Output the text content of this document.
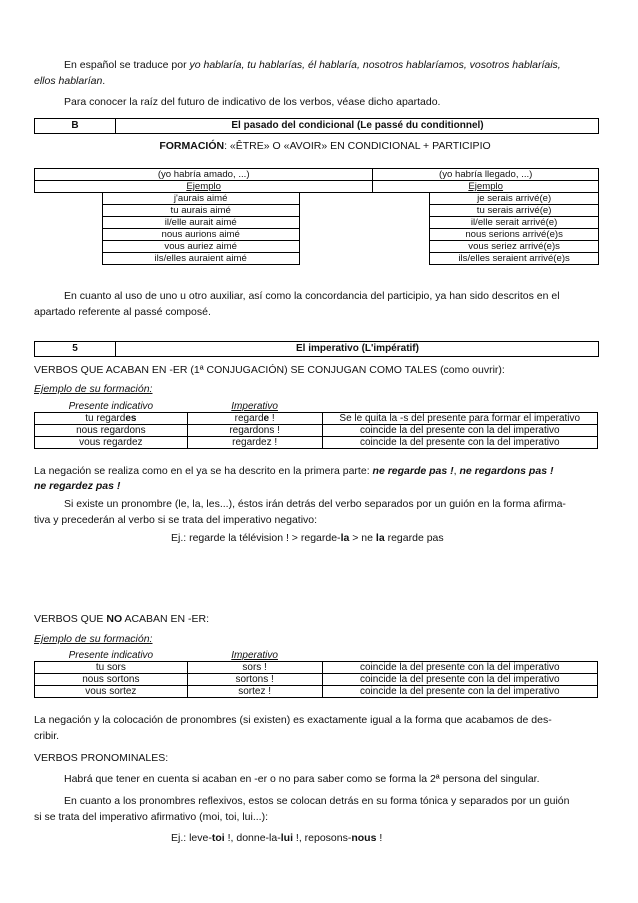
En español se traduce por yo hablaría, tu hablarías, él hablaría, nosotros hablaríamos, vosotros hablaríais,
ellos hablarían.
Para conocer la raíz del futuro de indicativo de los verbos, véase dicho apartado.
B	El pasado del condicional (Le passé du conditionnel)
FORMACIÓN: «ÊTRE» O «AVOIR» EN CONDICIONAL + PARTICIPIO
(yo habría amado, ...)			(yo habría llegado, ...)	
Ejemplo			Ejemplo	
	j'aurais aimé			je serais arrivé(e)
	tu aurais aimé			tu serais arrivé(e)
	il/elle aurait aimé			il/elle serait arrivé(e)
	nous aurions aimé			nous serions arrivé(e)s
	vous auriez aimé			vous seriez arrivé(e)s
	ils/elles auraient aimé			ils/elles seraient arrivé(e)s
En cuanto al uso de uno u otro auxiliar, así como la concordancia del participio, ya han sido descritos en el
apartado referente al passé composé.
5	El imperativo (L'impératif)
VERBOS QUE ACABAN EN -ER (1ª CONJUGACIÓN) SE CONJUGAN COMO TALES (como ouvrir):
Ejemplo de su formación:
Presente indicativo	Imperativo	
tu regardes	regarde !	Se le quita la -s del presente para formar el imperativo
nous regardons	regardons !	coincide la del presente con la del imperativo
vous regardez	regardez !	coincide la del presente con la del imperativo
La negación se realiza como en el ya se ha descrito en la primera parte: ne regarde pas !, ne regardons pas !
ne regardez pas !
Si existe un pronombre (le, la, les...), éstos irán detrás del verbo separados por un guión en la forma afirma-
tiva y precederán al verbo si se trata del imperativo negativo:
Ej.: regarde la télévision ! > regarde-la > ne la regarde pas
VERBOS QUE NO ACABAN EN -ER:
Ejemplo de su formación:
Presente indicativo	Imperativo	
tu sors	sors !	coincide la del presente con la del imperativo
nous sortons	sortons !	coincide la del presente con la del imperativo
vous sortez	sortez !	coincide la del presente con la del imperativo
La negación y la colocación de pronombres (si existen) es exactamente igual a la forma que acabamos de des-
cribir.
VERBOS PRONOMINALES:
Habrá que tener en cuenta si acaban en -er o no para saber como se forma la 2ª persona del singular.
En cuanto a los pronombres reflexivos, estos se colocan detrás en su forma tónica y separados por un guión
si se trata del imperativo afirmativo (moi, toi, lui...):
Ej.: leve-toi !, donne-la-lui !, reposons-nous !
